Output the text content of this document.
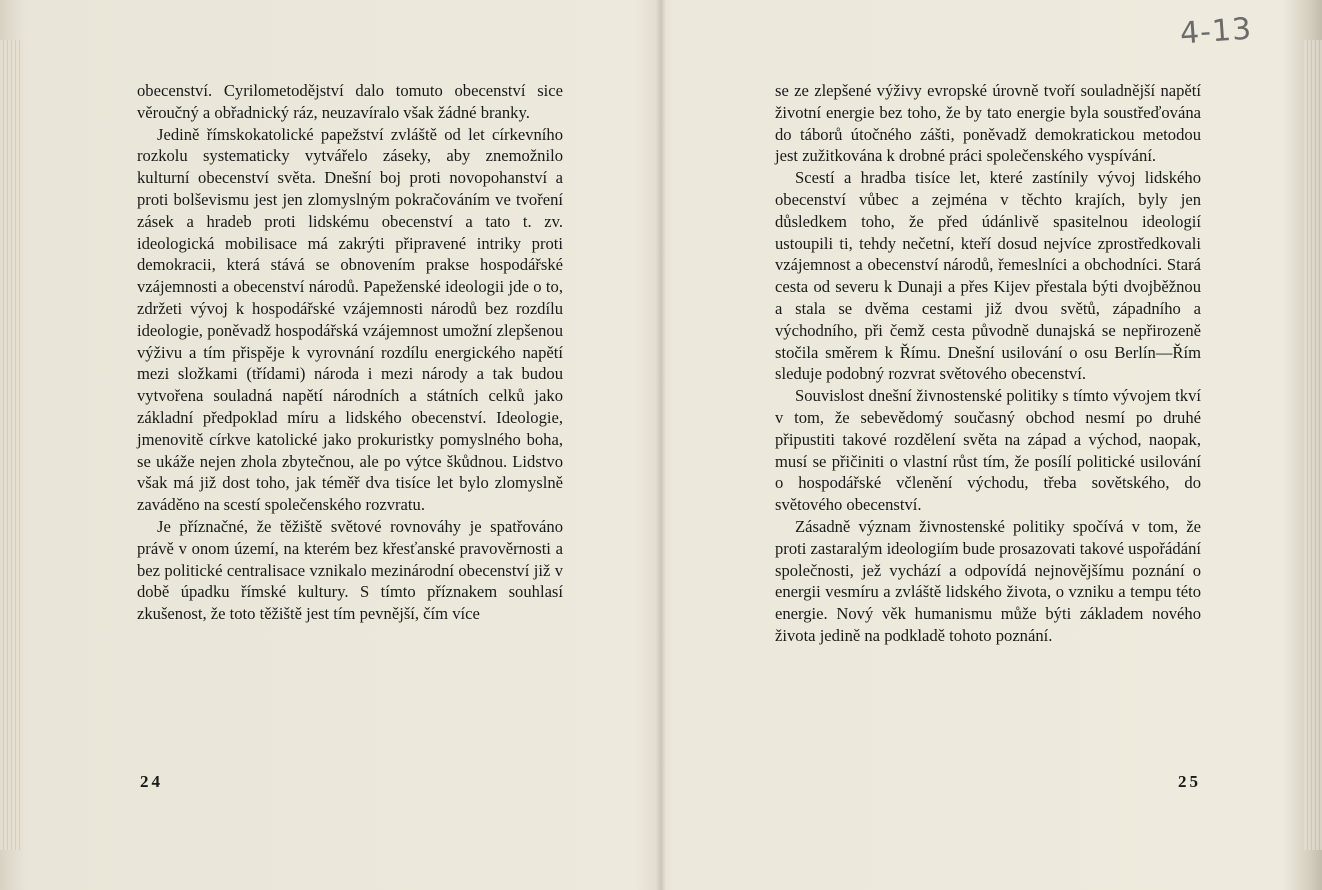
4-13

obecenství. Cyrilometodějství dalo tomuto obecenství sice věroučný a obřadnický ráz, neuzavíralo však žádné branky.

Jedině římskokatolické papežství zvláště od let církevního rozkolu systematicky vytvářelo záseky, aby znemožnilo kulturní obecenství světa. Dnešní boj proti novopohanství a proti bolševismu jest jen zlomyslným pokračováním ve tvoření zásek a hradeb proti lidskému obecenství a tato t. zv. ideologická mobilisace má zakrýti připravené intriky proti demokracii, která stává se obnovením prakse hospodářské vzájemnosti a obecenství národů. Papeženské ideologii jde o to, zdržeti vývoj k hospodářské vzájemnosti národů bez rozdílu ideologie, poněvadž hospodářská vzájemnost umožní zlepšenou výživu a tím přispěje k vyrovnání rozdílu energického napětí mezi složkami (třídami) národa i mezi národy a tak budou vytvořena souladná napětí národních a státních celků jako základní předpoklad míru a lidského obecenství. Ideologie, jmenovitě církve katolické jako prokuristky pomyslného boha, se ukáže nejen zhola zbytečnou, ale po výtce škůdnou. Lidstvo však má již dost toho, jak téměř dva tisíce let bylo zlomyslně zaváděno na scestí společenského rozvratu.

Je příznačné, že těžiště světové rovnováhy je spatřováno právě v onom území, na kterém bez křesťanské pravověrnosti a bez politické centralisace vznikalo mezinárodní obecenství již v době úpadku římské kultury. S tímto příznakem souhlasí zkušenost, že toto těžiště jest tím pevnější, čím více

se ze zlepšené výživy evropské úrovně tvoří souladnější napětí životní energie bez toho, že by tato energie byla soustřeďována do táborů útočného zášti, poněvadž demokratickou metodou jest zužitkována k drobné práci společenského vyspívání.

Scestí a hradba tisíce let, které zastínily vývoj lidského obecenství vůbec a zejména v těchto krajích, byly jen důsledkem toho, že před údánlivě spasitelnou ideologií ustoupili ti, tehdy nečetní, kteří dosud nejvíce zprostředkovali vzájemnost a obecenství národů, řemeslníci a obchodníci. Stará cesta od severu k Dunaji a přes Kijev přestala býti dvojběžnou a stala se dvěma cestami již dvou světů, západního a východního, při čemž cesta původně dunajská se nepřirozeně stočila směrem k Římu. Dnešní usilování o osu Berlín—Řím sleduje podobný rozvrat světového obecenství.

Souvislost dnešní živnostenské politiky s tímto vývojem tkví v tom, že sebevědomý současný obchod nesmí po druhé připustiti takové rozdělení světa na západ a východ, naopak, musí se přičiniti o vlastní růst tím, že posílí politické usilování o hospodářské včlenění východu, třeba sovětského, do světového obecenství.

Zásadně význam živnostenské politiky spočívá v tom, že proti zastaralým ideologiím bude prosazovati takové uspořádání společnosti, jež vychází a odpovídá nejnovějšímu poznání o energii vesmíru a zvláště lidského života, o vzniku a tempu této energie. Nový věk humanismu může býti základem nového života jedině na podkladě tohoto poznání.

24	25
